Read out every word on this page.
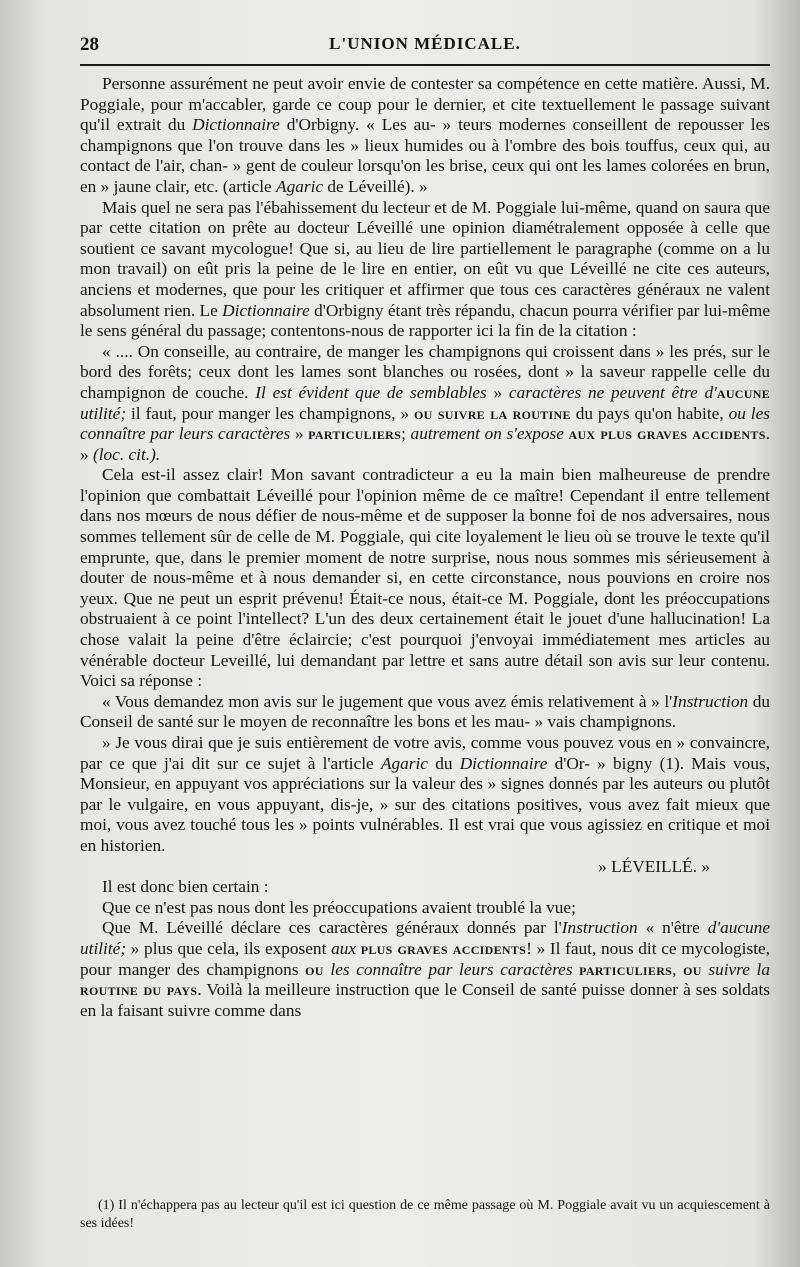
28	L'UNION MÉDICALE.

Personne assurément ne peut avoir envie de contester sa compétence en cette matière. Aussi, M. Poggiale, pour m'accabler, garde ce coup pour le dernier, et cite textuellement le passage suivant qu'il extrait du Dictionnaire d'Orbigny. « Les au- » teurs modernes conseillent de repousser les champignons que l'on trouve dans les » lieux humides ou à l'ombre des bois touffus, ceux qui, au contact de l'air, chan- » gent de couleur lorsqu'on les brise, ceux qui ont les lames colorées en brun, en » jaune clair, etc. (article Agaric de Léveillé). »

Mais quel ne sera pas l'ébahissement du lecteur et de M. Poggiale lui-même, quand on saura que par cette citation on prête au docteur Léveillé une opinion diamétralement opposée à celle que soutient ce savant mycologue! Que si, au lieu de lire partiellement le paragraphe (comme on a lu mon travail) on eût pris la peine de le lire en entier, on eût vu que Léveillé ne cite ces auteurs, anciens et modernes, que pour les critiquer et affirmer que tous ces caractères généraux ne valent absolument rien. Le Dictionnaire d'Orbigny étant très répandu, chacun pourra vérifier par lui-même le sens général du passage; contentons-nous de rapporter ici la fin de la citation :

« .... On conseille, au contraire, de manger les champignons qui croissent dans » les prés, sur le bord des forêts; ceux dont les lames sont blanches ou rosées, dont » la saveur rappelle celle du champignon de couche. Il est évident que de semblables » caractères ne peuvent être d'aucune utilité; il faut, pour manger les champignons, » ou suivre la routine du pays qu'on habite, ou les connaître par leurs caractères » particuliers; autrement on s'expose aux plus graves accidents. » (loc. cit.).

Cela est-il assez clair! Mon savant contradicteur a eu la main bien malheureuse de prendre l'opinion que combattait Léveillé pour l'opinion même de ce maître! Cependant il entre tellement dans nos mœurs de nous défier de nous-même et de supposer la bonne foi de nos adversaires, nous sommes tellement sûr de celle de M. Poggiale, qui cite loyalement le lieu où se trouve le texte qu'il emprunte, que, dans le premier moment de notre surprise, nous nous sommes mis sérieusement à douter de nous-même et à nous demander si, en cette circonstance, nous pouvions en croire nos yeux. Que ne peut un esprit prévenu! Était-ce nous, était-ce M. Poggiale, dont les préoccupations obstruaient à ce point l'intellect? L'un des deux certainement était le jouet d'une hallucination! La chose valait la peine d'être éclaircie; c'est pourquoi j'envoyai immédiatement mes articles au vénérable docteur Leveillé, lui demandant par lettre et sans autre détail son avis sur leur contenu. Voici sa réponse :

« Vous demandez mon avis sur le jugement que vous avez émis relativement à » l'Instruction du Conseil de santé sur le moyen de reconnaître les bons et les mau- » vais champignons.

» Je vous dirai que je suis entièrement de votre avis, comme vous pouvez vous en » convaincre, par ce que j'ai dit sur ce sujet à l'article Agaric du Dictionnaire d'Or- » bigny (1). Mais vous, Monsieur, en appuyant vos appréciations sur la valeur des » signes donnés par les auteurs ou plutôt par le vulgaire, en vous appuyant, dis-je, » sur des citations positives, vous avez fait mieux que moi, vous avez touché tous les » points vulnérables. Il est vrai que vous agissiez en critique et moi en historien.

» LÉVEILLÉ. »

Il est donc bien certain :

Que ce n'est pas nous dont les préoccupations avaient troublé la vue;

Que M. Léveillé déclare ces caractères généraux donnés par l'Instruction « n'être d'aucune utilité; » plus que cela, ils exposent aux plus graves accidents! » Il faut, nous dit ce mycologiste, pour manger des champignons ou les connaître par leurs caractères particuliers, ou suivre la routine du pays. Voilà la meilleure instruction que le Conseil de santé puisse donner à ses soldats en la faisant suivre comme dans

(1) Il n'échappera pas au lecteur qu'il est ici question de ce même passage où M. Poggiale avait vu un acquiescement à ses idées!
